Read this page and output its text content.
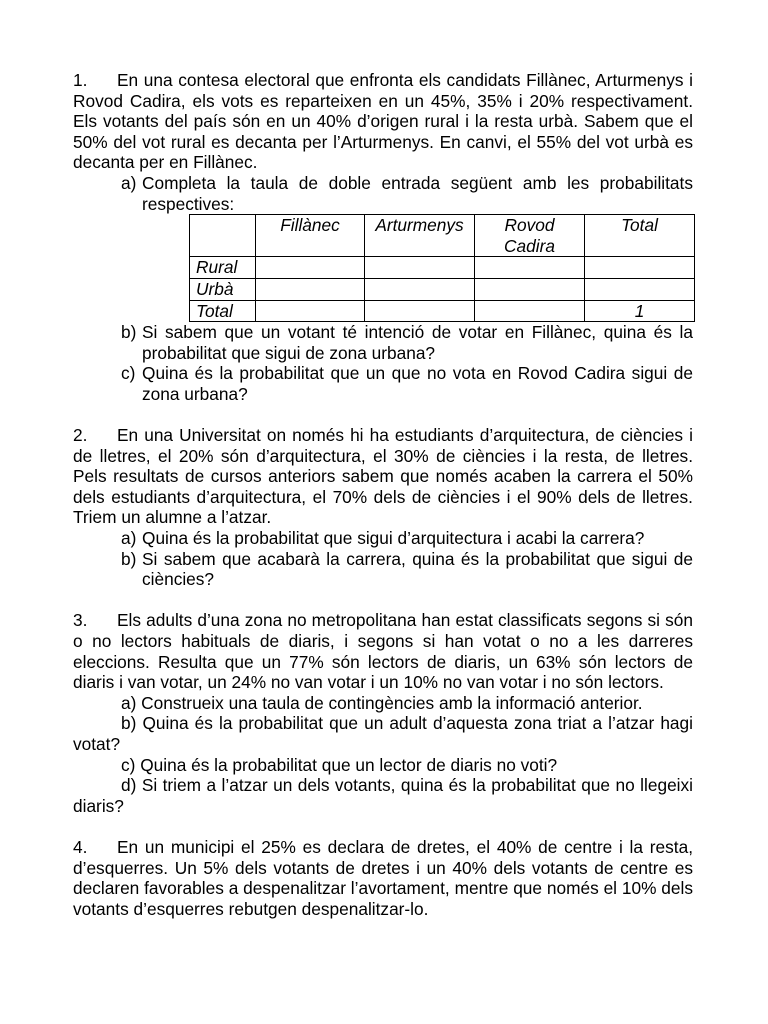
1. En una contesa electoral que enfronta els candidats Fillànec, Arturmenys i Rovod Cadira, els vots es reparteixen en un 45%, 35% i 20% respectivament. Els votants del país són en un 40% d’origen rural i la resta urbà. Sabem que el 50% del vot rural es decanta per l’Arturmenys. En canvi, el 55% del vot urbà es decanta per en Fillànec.

a) Completa la taula de doble entrada següent amb les probabilitats respectives:
	Fillànec	Arturmenys	Rovod Cadira	Total
Rural				
Urbà				
Total				1
b) Si sabem que un votant té intenció de votar en Fillànec, quina és la probabilitat que sigui de zona urbana?
c) Quina és la probabilitat que un que no vota en Rovod Cadira sigui de zona urbana?

2. En una Universitat on només hi ha estudiants d’arquitectura, de ciències i de lletres, el 20% són d’arquitectura, el 30% de ciències i la resta, de lletres. Pels resultats de cursos anteriors sabem que només acaben la carrera el 50% dels estudiants d’arquitectura, el 70% dels de ciències i el 90% dels de lletres. Triem un alumne a l’atzar.

a) Quina és la probabilitat que sigui d’arquitectura i acabi la carrera?
b) Si sabem que acabarà la carrera, quina és la probabilitat que sigui de ciències?

3. Els adults d’una zona no metropolitana han estat classificats segons si són o no lectors habituals de diaris, i segons si han votat o no a les darreres eleccions. Resulta que un 77% són lectors de diaris, un 63% són lectors de diaris i van votar, un 24% no van votar i un 10% no van votar i no són lectors.

a) Construeix una taula de contingències amb la informació anterior.

b) Quina és la probabilitat que un adult d’aquesta zona triat a l’atzar hagi votat?

c) Quina és la probabilitat que un lector de diaris no voti?

d) Si triem a l’atzar un dels votants, quina és la probabilitat que no llegeixi diaris?

4. En un municipi el 25% es declara de dretes, el 40% de centre i la resta, d’esquerres. Un 5% dels votants de dretes i un 40% dels votants de centre es declaren favorables a despenalitzar l’avortament, mentre que només el 10% dels votants d’esquerres rebutgen despenalitzar-lo.
